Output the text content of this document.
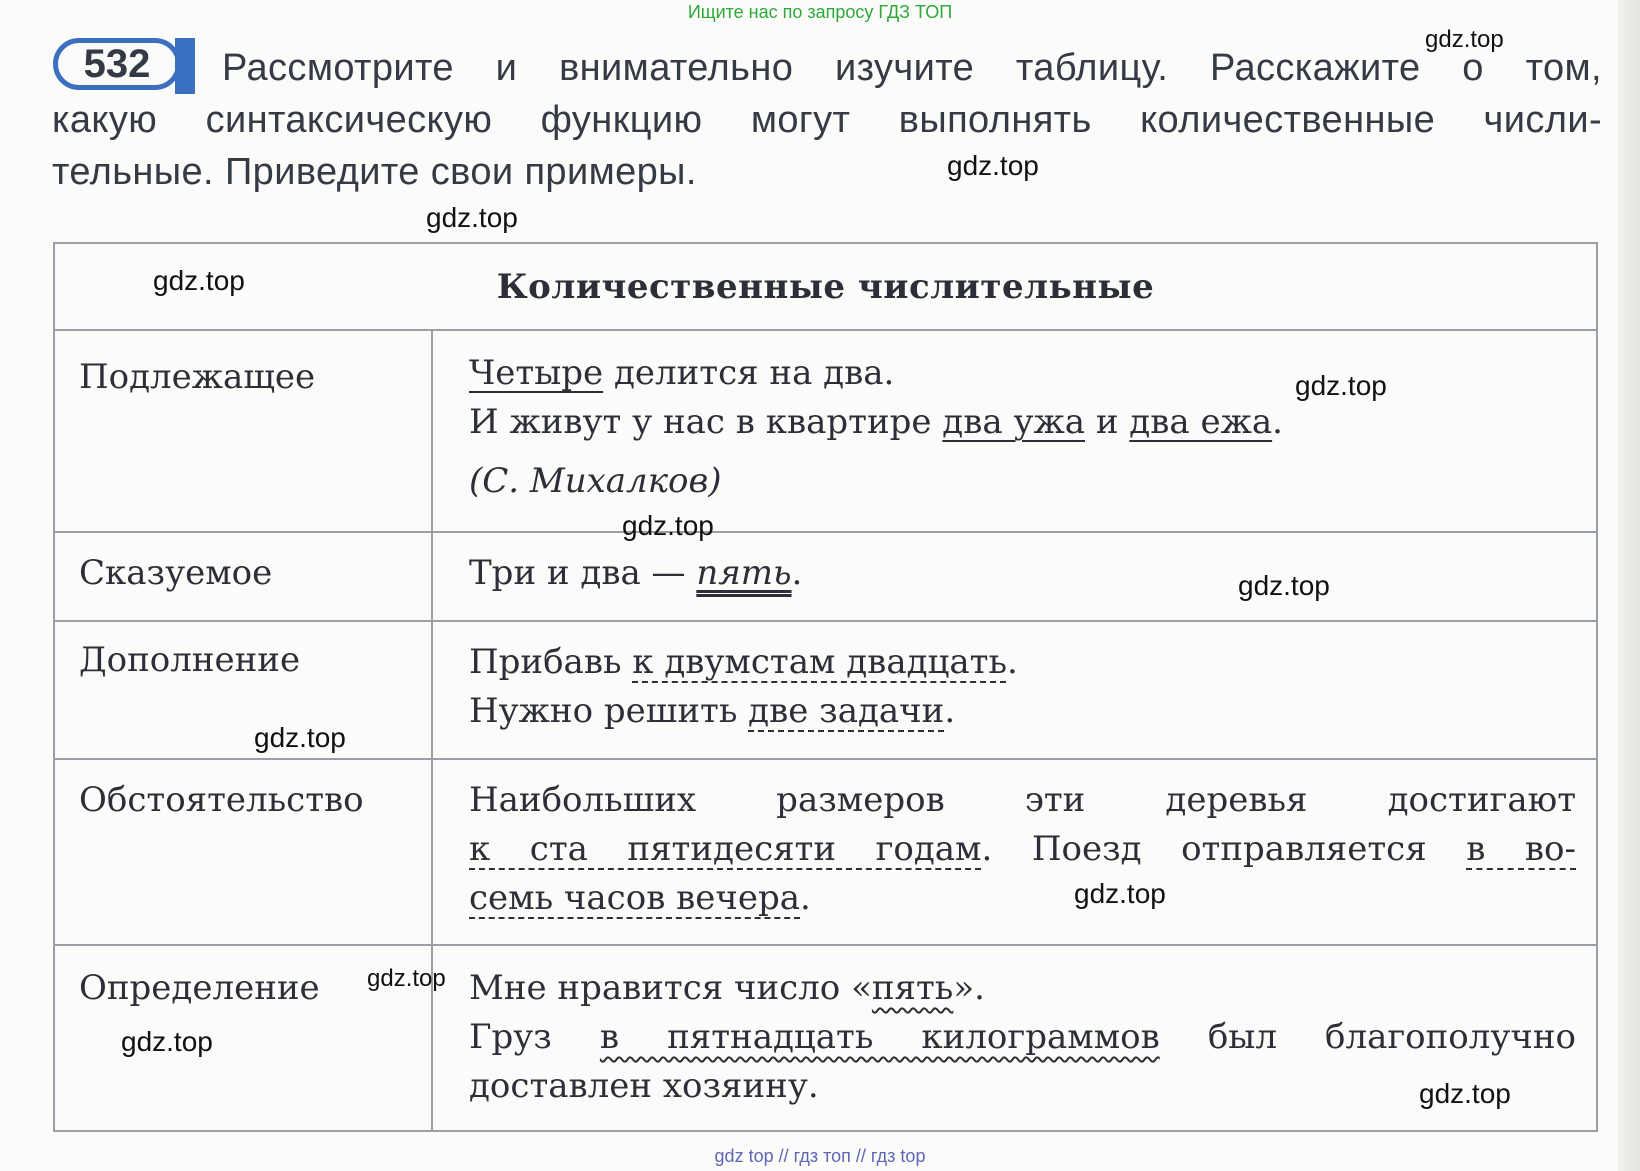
Ищите нас по запросу ГДЗ ТОП
532	Рассмотрите и внимательно изучите таблицу. Расскажите о том,

какую синтаксическую функцию могут выполнять количественные числи-

тельные. Приведите свои примеры.

Количественные числительные	
Подлежащее	Четыре делится на два.

И живут у нас в квартире два ужа и два ежа.

(С. Михалков)

Сказуемое	Три и два — пять.

Дополнение	Прибавь к двумстам двадцать.

Нужно решить две задачи.

Обстоятельство	Наибольших размеров эти деревья достигают

к ста пятидесяти годам. Поезд отправляется в во-

семь часов вечера.

Определение	Мне нравится число «пять».

Груз в пятнадцать килограммов был благополучно

доставлен хозяину.

gdz.top
gdz.top
gdz.top
gdz.top
gdz.top
gdz.top
gdz.top
gdz.top
gdz.top
gdz.top
gdz.top
gdz.top
gdz top // гдз топ // гдз top
